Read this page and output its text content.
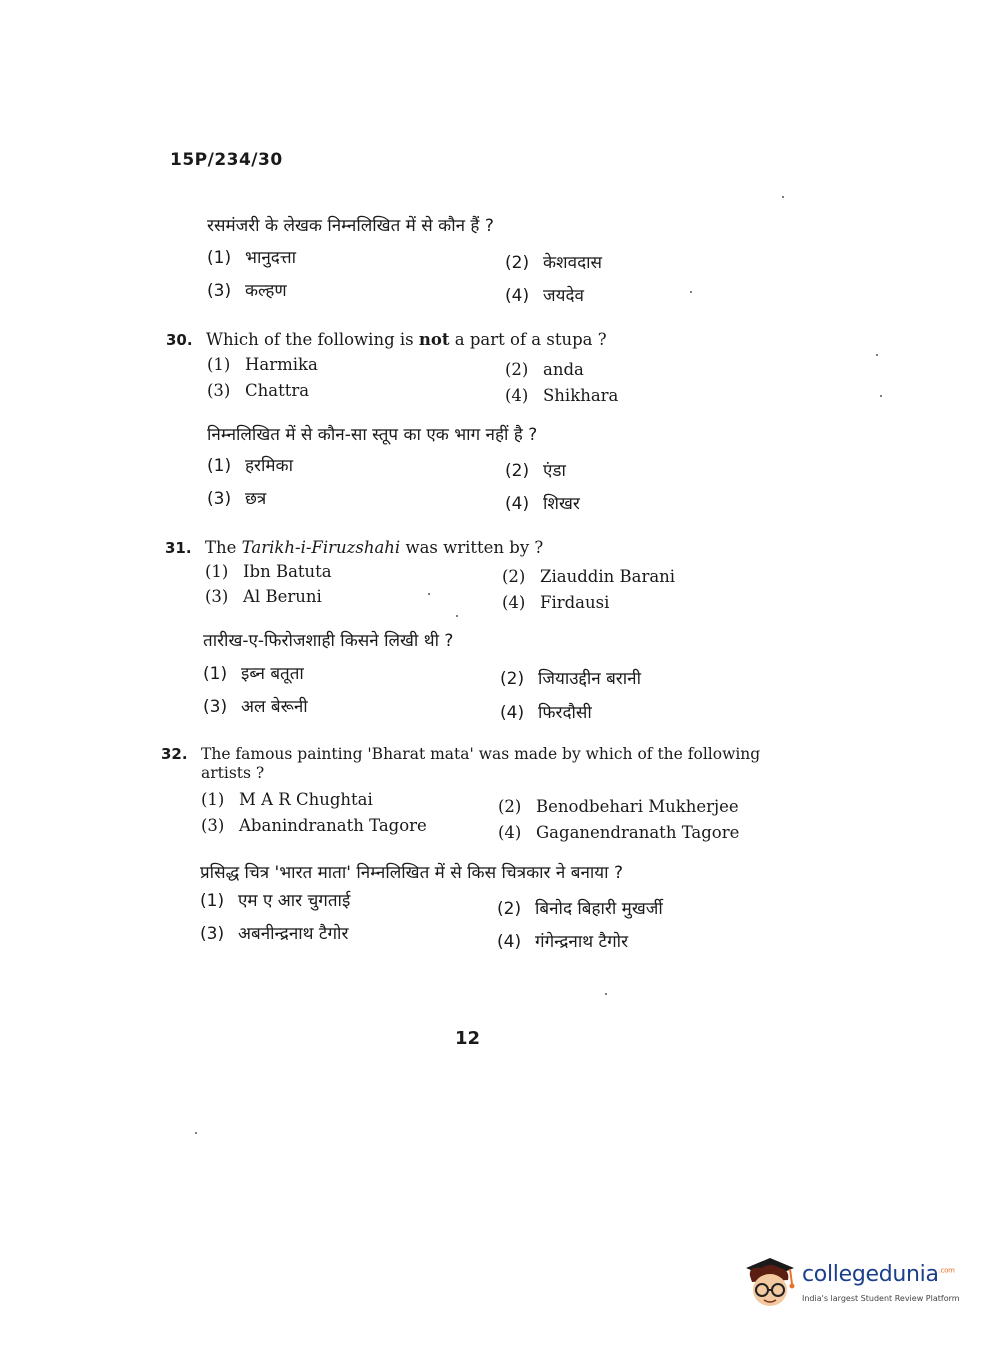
15P/234/30
रसमंजरी के लेखक निम्नलिखित में से कौन हैं ?
(1) भानुदत्ता	(2) केशवदास
(3) कल्हण	(4) जयदेव
30. Which of the following is not a part of a stupa ?
(1) Harmika	(2) anda
(3) Chattra	(4) Shikhara
निम्नलिखित में से कौन-सा स्तूप का एक भाग नहीं है ?
(1) हरमिका	(2) एंडा
(3) छत्र	(4) शिखर
31. The Tarikh-i-Firuzshahi was written by ?
(1) Ibn Batuta	(2) Ziauddin Barani
(3) Al Beruni	(4) Firdausi
तारीख-ए-फिरोजशाही किसने लिखी थी ?
(1) इब्न बतूता	(2) जियाउद्दीन बरानी
(3) अल बेरूनी	(4) फिरदौसी
32. The famous painting 'Bharat mata' was made by which of the following
artists ?
(1) M A R Chughtai	(2) Benodbehari Mukherjee
(3) Abanindranath Tagore	(4) Gaganendranath Tagore
प्रसिद्ध चित्र 'भारत माता' निम्नलिखित में से किस चित्रकार ने बनाया ?
(1) एम ए आर चुगताई	(2) बिनोद बिहारी मुखर्जी
(3) अबनीन्द्रनाथ टैगोर	(4) गंगेन्द्रनाथ टैगोर
12
collegedunia$^{.com}$
India's largest Student Review Platform
